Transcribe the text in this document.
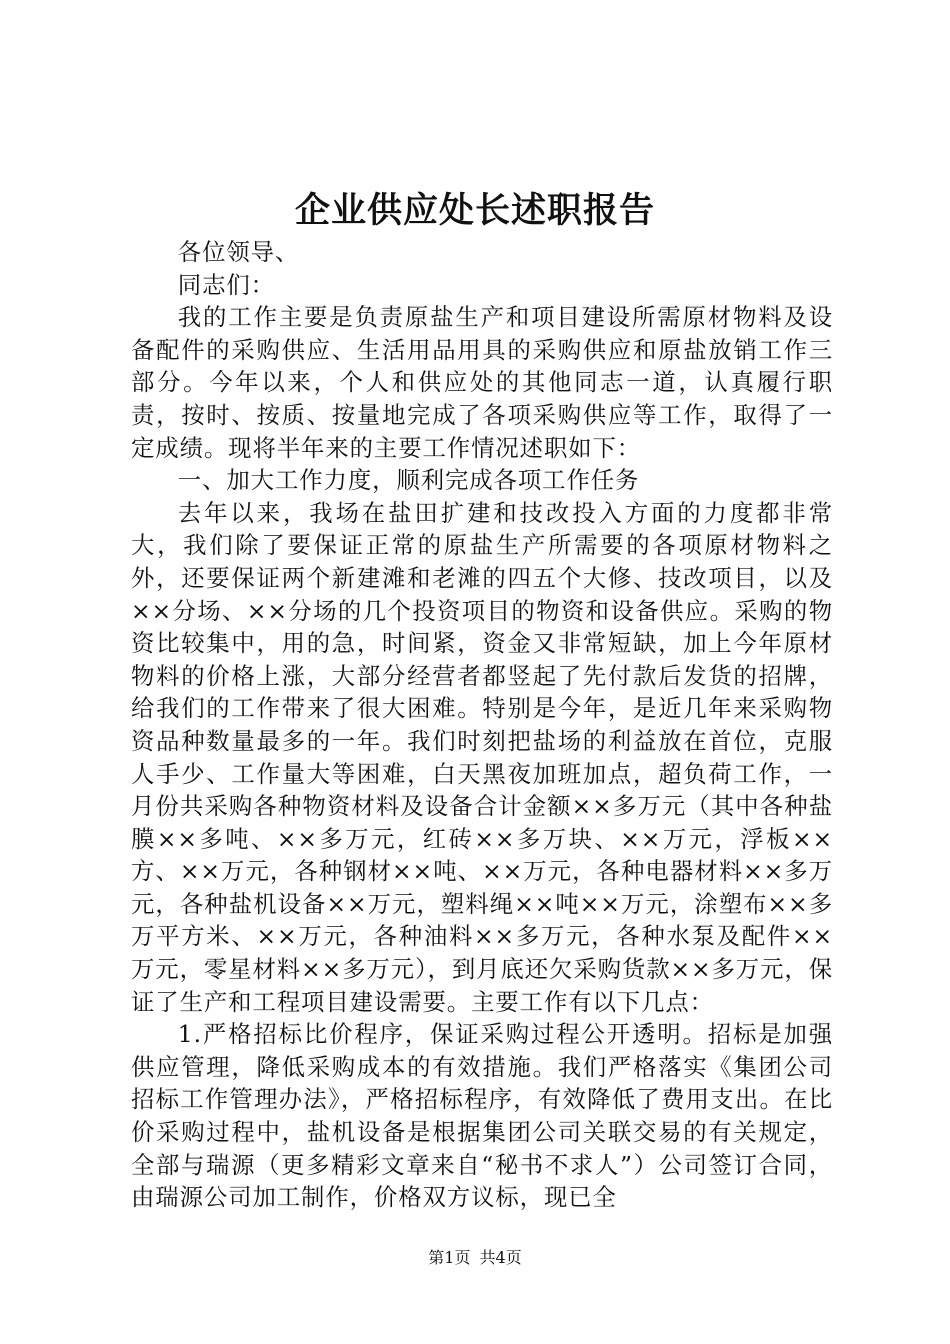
企业供应处长述职报告

各位领导、

同志们：

我的工作主要是负责原盐生产和项目建设所需原材物料及设备配件的采购供应、生活用品用具的采购供应和原盐放销工作三部分。今年以来，个人和供应处的其他同志一道，认真履行职责，按时、按质、按量地完成了各项采购供应等工作，取得了一定成绩。现将半年来的主要工作情况述职如下：

一、加大工作力度，顺利完成各项工作任务

去年以来，我场在盐田扩建和技改投入方面的力度都非常大，我们除了要保证正常的原盐生产所需要的各项原材物料之外，还要保证两个新建滩和老滩的四五个大修、技改项目，以及××分场、××分场的几个投资项目的物资和设备供应。采购的物资比较集中，用的急，时间紧，资金又非常短缺，加上今年原材物料的价格上涨，大部分经营者都竖起了先付款后发货的招牌，给我们的工作带来了很大困难。特别是今年，是近几年来采购物资品种数量最多的一年。我们时刻把盐场的利益放在首位，克服人手少、工作量大等困难，白天黑夜加班加点，超负荷工作，一月份共采购各种物资材料及设备合计金额××多万元（其中各种盐膜××多吨、××多万元，红砖××多万块、××万元，浮板××方、××万元，各种钢材××吨、××万元，各种电器材料××多万元，各种盐机设备××万元，塑料绳××吨××万元，涂塑布××多万平方米、××万元，各种油料××多万元，各种水泵及配件××万元，零星材料××多万元），到月底还欠采购货款××多万元，保证了生产和工程项目建设需要。主要工作有以下几点：

1.严格招标比价程序，保证采购过程公开透明。招标是加强供应管理，降低采购成本的有效措施。我们严格落实《集团公司招标工作管理办法》，严格招标程序，有效降低了费用支出。在比价采购过程中，盐机设备是根据集团公司关联交易的有关规定，全部与瑞源（更多精彩文章来自“秘书不求人”）公司签订合同，由瑞源公司加工制作，价格双方议标，现已全

第1页 共4页
